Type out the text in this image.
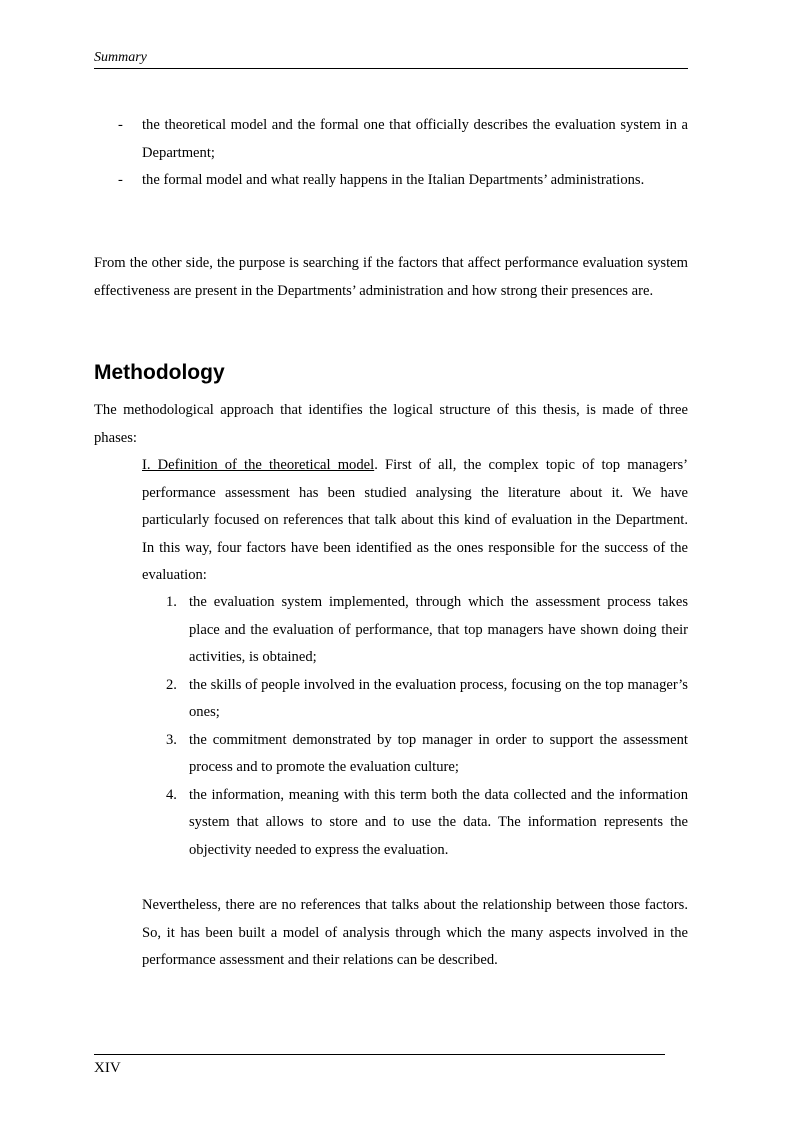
Summary
- the theoretical model and the formal one that officially describes the evaluation system in a Department;
- the formal model and what really happens in the Italian Departments’ administrations.

From the other side, the purpose is searching if the factors that affect performance evaluation system effectiveness are present in the Departments’ administration and how strong their presences are.

Methodology

The methodological approach that identifies the logical structure of this thesis, is made of three phases:

I. Definition of the theoretical model. First of all, the complex topic of top managers’ performance assessment has been studied analysing the literature about it. We have particularly focused on references that talk about this kind of evaluation in the Department. In this way, four factors have been identified as the ones responsible for the success of the evaluation:

1. the evaluation system implemented, through which the assessment process takes place and the evaluation of performance, that top managers have shown doing their activities, is obtained;
2. the skills of people involved in the evaluation process, focusing on the top manager’s ones;
3. the commitment demonstrated by top manager in order to support the assessment process and to promote the evaluation culture;
4. the information, meaning with this term both the data collected and the information system that allows to store and to use the data. The information represents the objectivity needed to express the evaluation.

Nevertheless, there are no references that talks about the relationship between those factors. So, it has been built a model of analysis through which the many aspects involved in the performance assessment and their relations can be described.

XIV
